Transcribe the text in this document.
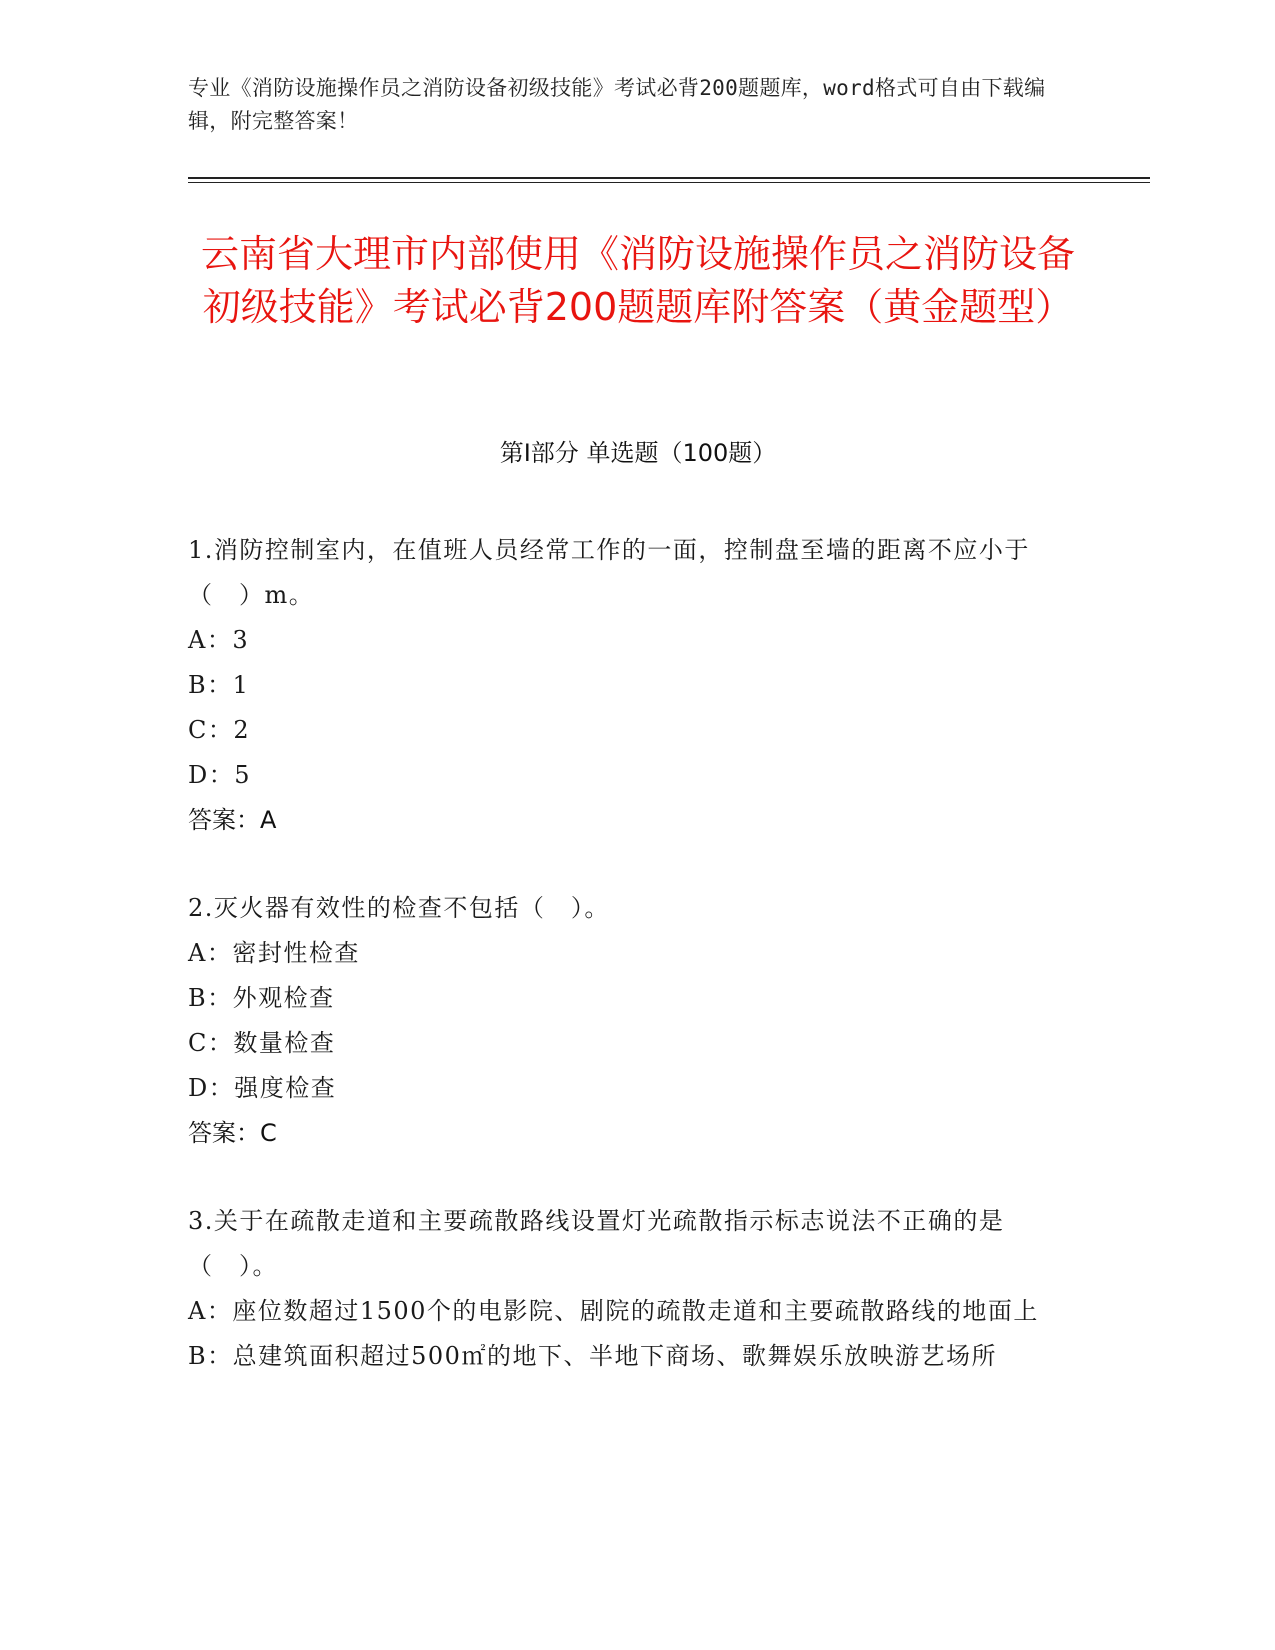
专业《消防设施操作员之消防设备初级技能》考试必背200题题库，word格式可自由下载编辑，附完整答案！
云南省大理市内部使用《消防设施操作员之消防设备初级技能》考试必背200题题库附答案（黄金题型）
第Ⅰ部分 单选题（100题）
1.消防控制室内，在值班人员经常工作的一面，控制盘至墙的距离不应小于（　）m。
A：3
B：1
C：2
D：5
答案：A
2.灭火器有效性的检查不包括（　）。
A：密封性检查
B：外观检查
C：数量检查
D：强度检查
答案：C
3.关于在疏散走道和主要疏散路线设置灯光疏散指示标志说法不正确的是（　）。
A：座位数超过1500个的电影院、剧院的疏散走道和主要疏散路线的地面上
B：总建筑面积超过500㎡的地下、半地下商场、歌舞娱乐放映游艺场所
